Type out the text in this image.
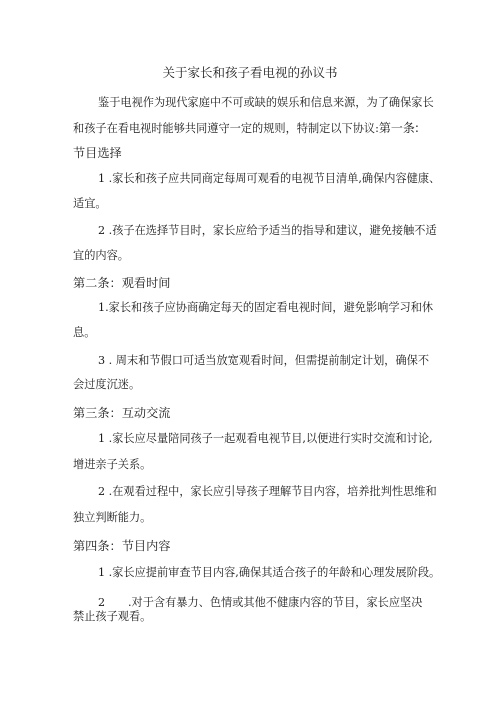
关于家长和孩子看电视的孙议书
鉴于电视作为现代家庭中不可或缺的娱乐和信息来源，为了确保家长
和孩子在看电视时能够共同遵守一定的规则，特制定以下协议:第一条:
节目选择
1 .家长和孩子应共同商定每周可观看的电视节目清单,确保内容健康、
适宜。
2 .孩子在选择节目时，家长应给予适当的指导和建议，避免接触不适
宜的内容。
第二条：观看时间
1.家长和孩子应协商确定每天的固定看电视时间，避免影响学习和休
息。
3 . 周末和节假口可适当放宽观看时间，但需提前制定计划，确保不
会过度沉迷。
第三条：互动交流
1 .家长应尽量陪同孩子一起观看电视节目,以便进行实时交流和讨论,
增进亲子关系。
2 .在观看过程中，家长应引导孩子理解节目内容，培养批判性思维和
独立判断能力。
第四条：节目内容
1 .家长应提前审查节目内容,确保其适合孩子的年龄和心理发展阶段。
2 .对于含有暴力、色情或其他不健康内容的节目，家长应坚决
禁止孩子观看。
